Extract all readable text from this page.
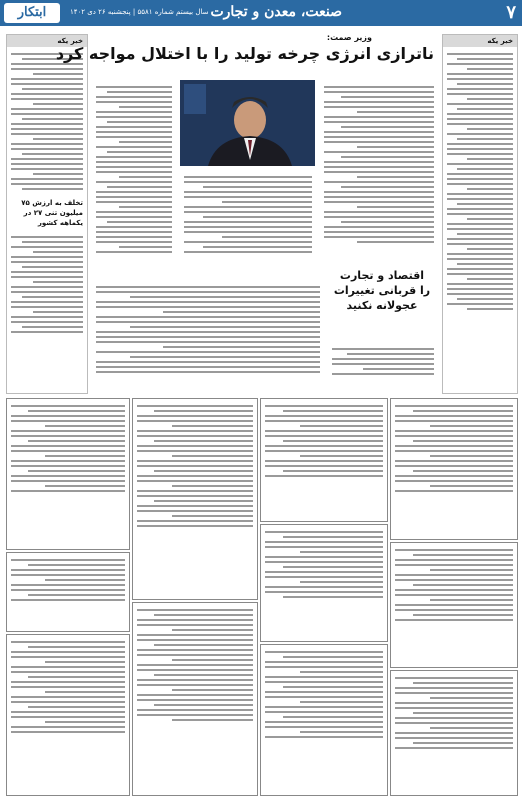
۷
صنعت، معدن و تجارت
سال بیستم شماره ۵۵۸۱ | پنجشنبه ۲۶ دی ۱۴۰۲
ابتکار
خبر یکه
خبر یکه
تخلف به ارزش ۷۵ میلیون تنی ۲۷ در یکماهه کشور
وزیر صمت:
ناترازی انرژی چرخه تولید را با اختلال مواجه کرد
اقتصاد و تجارت
را قربانی تغییرات
عجولانه نکنید
